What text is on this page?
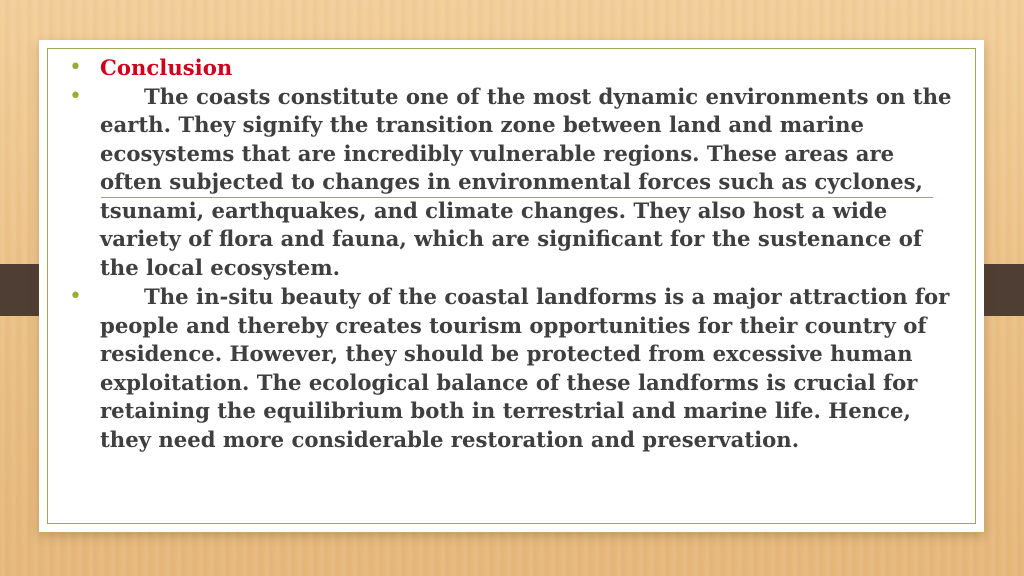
• Conclusion
•	The coasts constitute one of the most dynamic environments on the earth. They signify the transition zone between land and marine ecosystems that are incredibly vulnerable regions. These areas are often subjected to changes in environmental forces such as cyclones, tsunami, earthquakes, and climate changes. They also host a wide variety of flora and fauna, which are significant for the sustenance of the local ecosystem.
•	The in-situ beauty of the coastal landforms is a major attraction for people and thereby creates tourism opportunities for their country of residence. However, they should be protected from excessive human exploitation. The ecological balance of these landforms is crucial for retaining the equilibrium both in terrestrial and marine life. Hence, they need more considerable restoration and preservation.
